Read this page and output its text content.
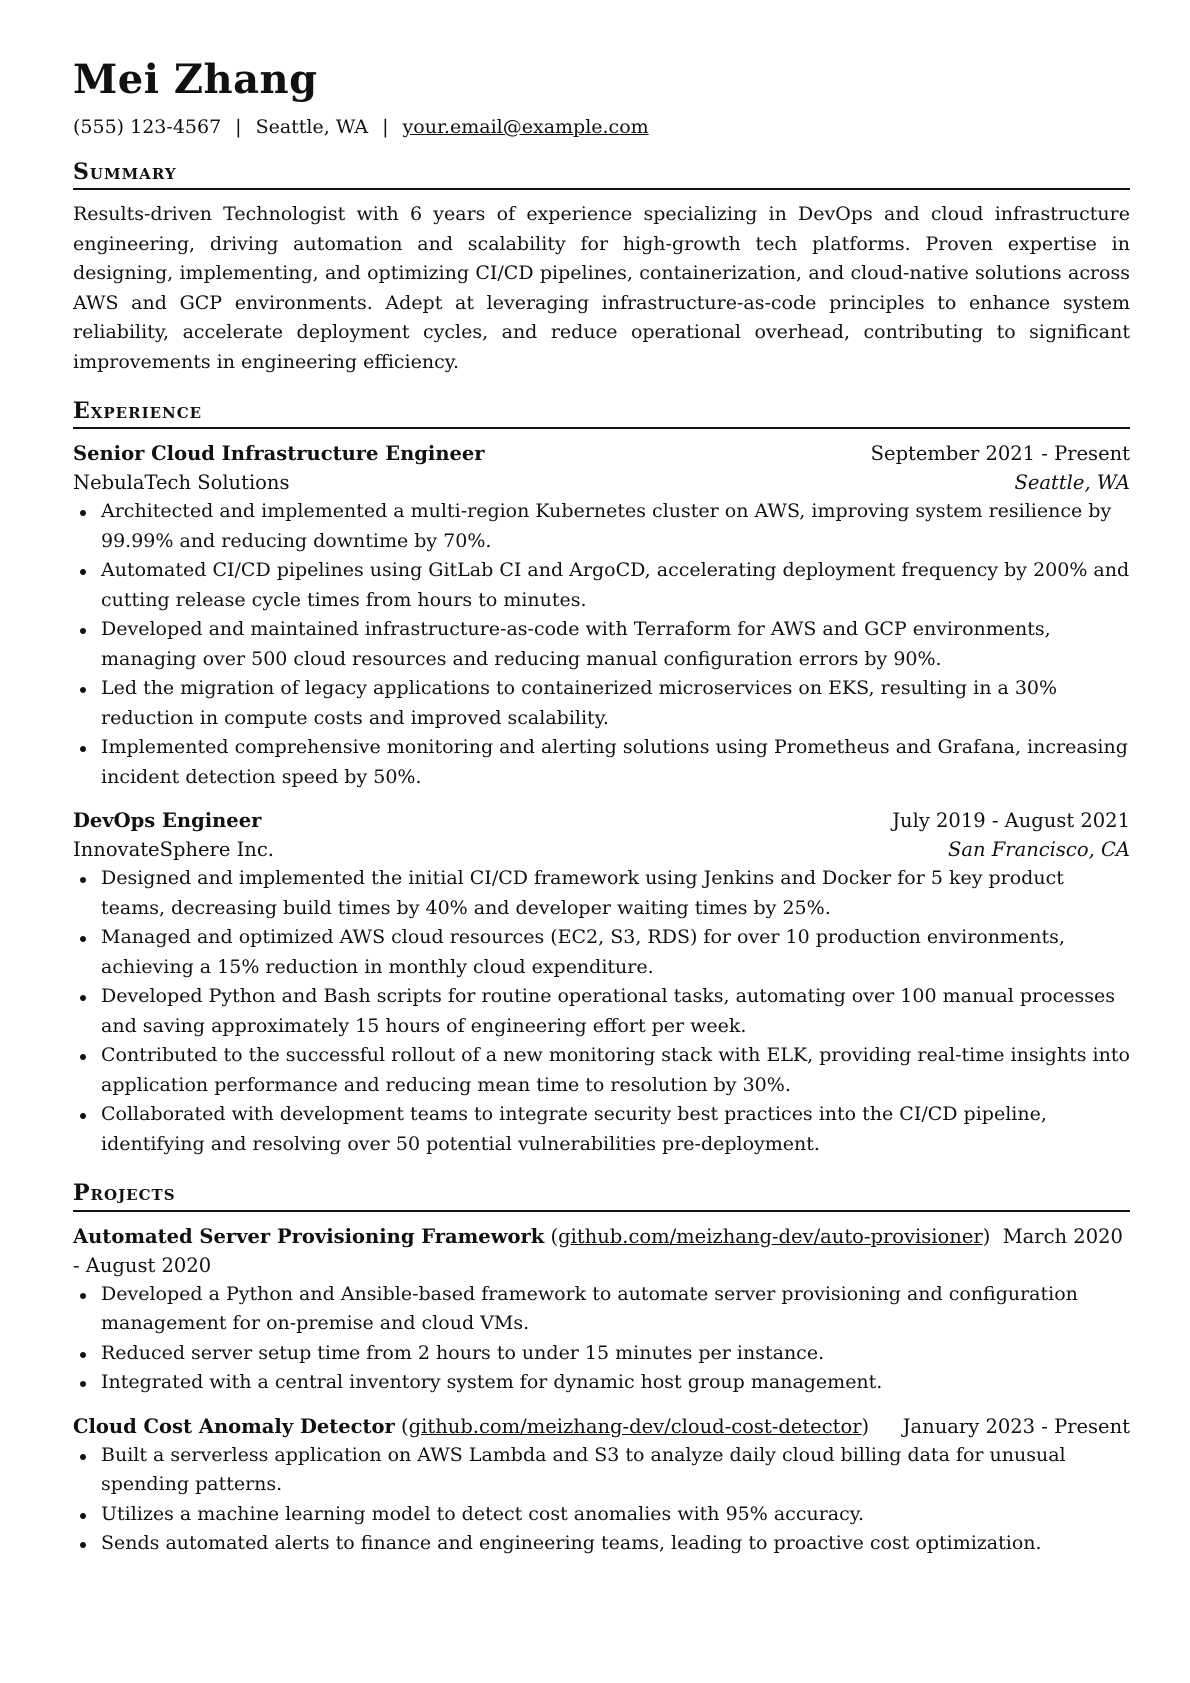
Mei Zhang
(555) 123-4567 | Seattle, WA | your.email@example.com
Summary

Results-driven Technologist with 6 years of experience specializing in DevOps and cloud infrastructure engineering, driving automation and scalability for high-growth tech platforms. Proven expertise in designing, implementing, and optimizing CI/CD pipelines, containerization, and cloud-native solutions across AWS and GCP environments. Adept at leveraging infrastructure-as-code principles to enhance system reliability, accelerate deployment cycles, and reduce operational overhead, contributing to significant improvements in engineering efficiency.

Experience
Senior Cloud Infrastructure Engineer	September 2021 - Present
NebulaTech Solutions	Seattle, WA
Architected and implemented a multi-region Kubernetes cluster on AWS, improving system resilience by 99.99% and reducing downtime by 70%.
Automated CI/CD pipelines using GitLab CI and ArgoCD, accelerating deployment frequency by 200% and cutting release cycle times from hours to minutes.
Developed and maintained infrastructure-as-code with Terraform for AWS and GCP environments, managing over 500 cloud resources and reducing manual configuration errors by 90%.
Led the migration of legacy applications to containerized microservices on EKS, resulting in a 30% reduction in compute costs and improved scalability.
Implemented comprehensive monitoring and alerting solutions using Prometheus and Grafana, increasing incident detection speed by 50%.
DevOps Engineer	July 2019 - August 2021
InnovateSphere Inc.	San Francisco, CA
Designed and implemented the initial CI/CD framework using Jenkins and Docker for 5 key product teams, decreasing build times by 40% and developer waiting times by 25%.
Managed and optimized AWS cloud resources (EC2, S3, RDS) for over 10 production environments, achieving a 15% reduction in monthly cloud expenditure.
Developed Python and Bash scripts for routine operational tasks, automating over 100 manual processes and saving approximately 15 hours of engineering effort per week.
Contributed to the successful rollout of a new monitoring stack with ELK, providing real-time insights into application performance and reducing mean time to resolution by 30%.
Collaborated with development teams to integrate security best practices into the CI/CD pipeline, identifying and resolving over 50 potential vulnerabilities pre-deployment.
Projects
Automated Server Provisioning Framework (github.com/meizhang-dev/auto-provisioner)  March 2020 - August 2020
Developed a Python and Ansible-based framework to automate server provisioning and configuration management for on-premise and cloud VMs.
Reduced server setup time from 2 hours to under 15 minutes per instance.
Integrated with a central inventory system for dynamic host group management.
Cloud Cost Anomaly Detector (github.com/meizhang-dev/cloud-cost-detector) January 2023 - Present
Built a serverless application on AWS Lambda and S3 to analyze daily cloud billing data for unusual spending patterns.
Utilizes a machine learning model to detect cost anomalies with 95% accuracy.
Sends automated alerts to finance and engineering teams, leading to proactive cost optimization.
